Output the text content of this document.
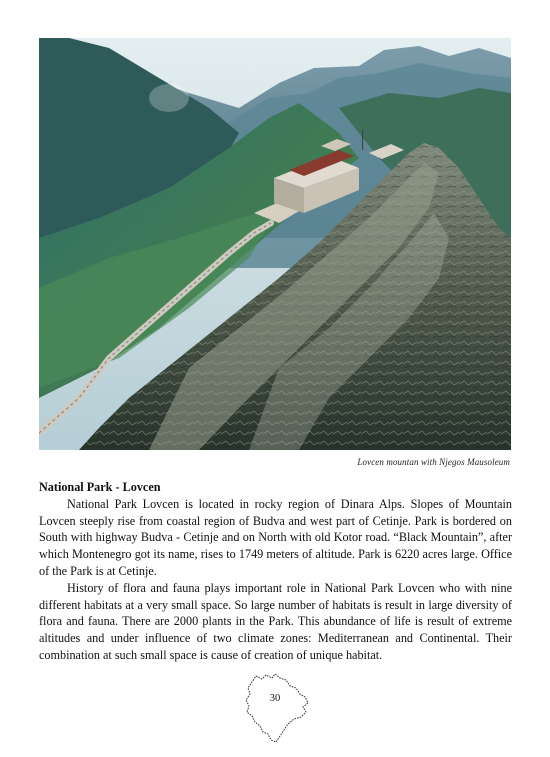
Lovcen mountan with Njegos Mausoleum
National Park - Lovcen

National Park Lovcen is located in rocky region of Dinara Alps. Slopes of Mountain Lovcen steeply rise from coastal region of Budva and west part of Cetinje. Park is bordered on South with highway Budva - Cetinje and on North with old Kotor road. “Black Mountain”, after which Montenegro got its name, rises to 1749 meters of altitude. Park is 6220 acres large. Office of the Park is at Cetinje.

History of flora and fauna plays important role in National Park Lovcen who with nine different habitats at a very small space. So large number of habitats is result in large diversity of flora and fauna. There are 2000 plants in the Park. This abundance of life is result of extreme altitudes and under influence of two climate zones: Mediterranean and Continental. Their combination at such small space is cause of creation of unique habitat.

30
